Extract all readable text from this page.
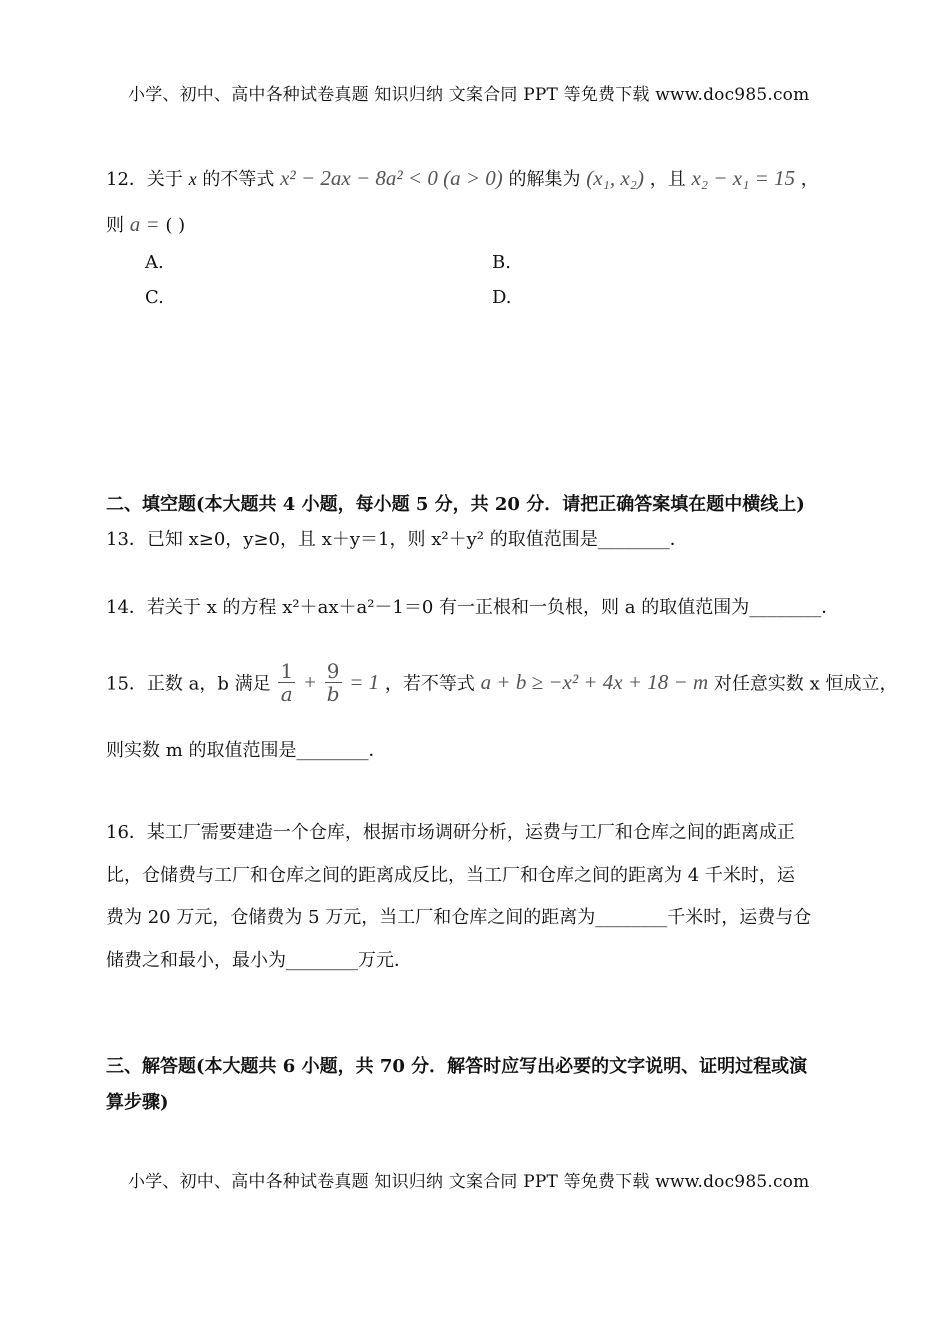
小学、初中、高中各种试卷真题 知识归纳 文案合同 PPT 等免费下载 www.doc985.com
12．关于 x 的不等式 x² − 2ax − 8a² < 0 (a > 0) 的解集为 (x₁, x₂) ，且 x₂ − x₁ = 15 ，
则 a = ( )
A.	B.
C.	D.
二、填空题(本大题共 4 小题，每小题 5 分，共 20 分．请把正确答案填在题中横线上)
13．已知 x≥0，y≥0，且 x＋y＝1，则 x²＋y² 的取值范围是________．
14．若关于 x 的方程 x²＋ax＋a²－1＝0 有一正根和一负根，则 a 的取值范围为________．
15．正数 a，b 满足 $\frac{1}{a} + \frac{9}{b} = 1$ ，若不等式 a + b ≥ −x² + 4x + 18 − m 对任意实数 x 恒成立，
则实数 m 的取值范围是________．
16．某工厂需要建造一个仓库，根据市场调研分析，运费与工厂和仓库之间的距离成正
比，仓储费与工厂和仓库之间的距离成反比，当工厂和仓库之间的距离为 4 千米时，运
费为 20 万元，仓储费为 5 万元，当工厂和仓库之间的距离为________千米时，运费与仓
储费之和最小，最小为________万元．
三、解答题(本大题共 6 小题，共 70 分．解答时应写出必要的文字说明、证明过程或演
算步骤)
小学、初中、高中各种试卷真题 知识归纳 文案合同 PPT 等免费下载 www.doc985.com
